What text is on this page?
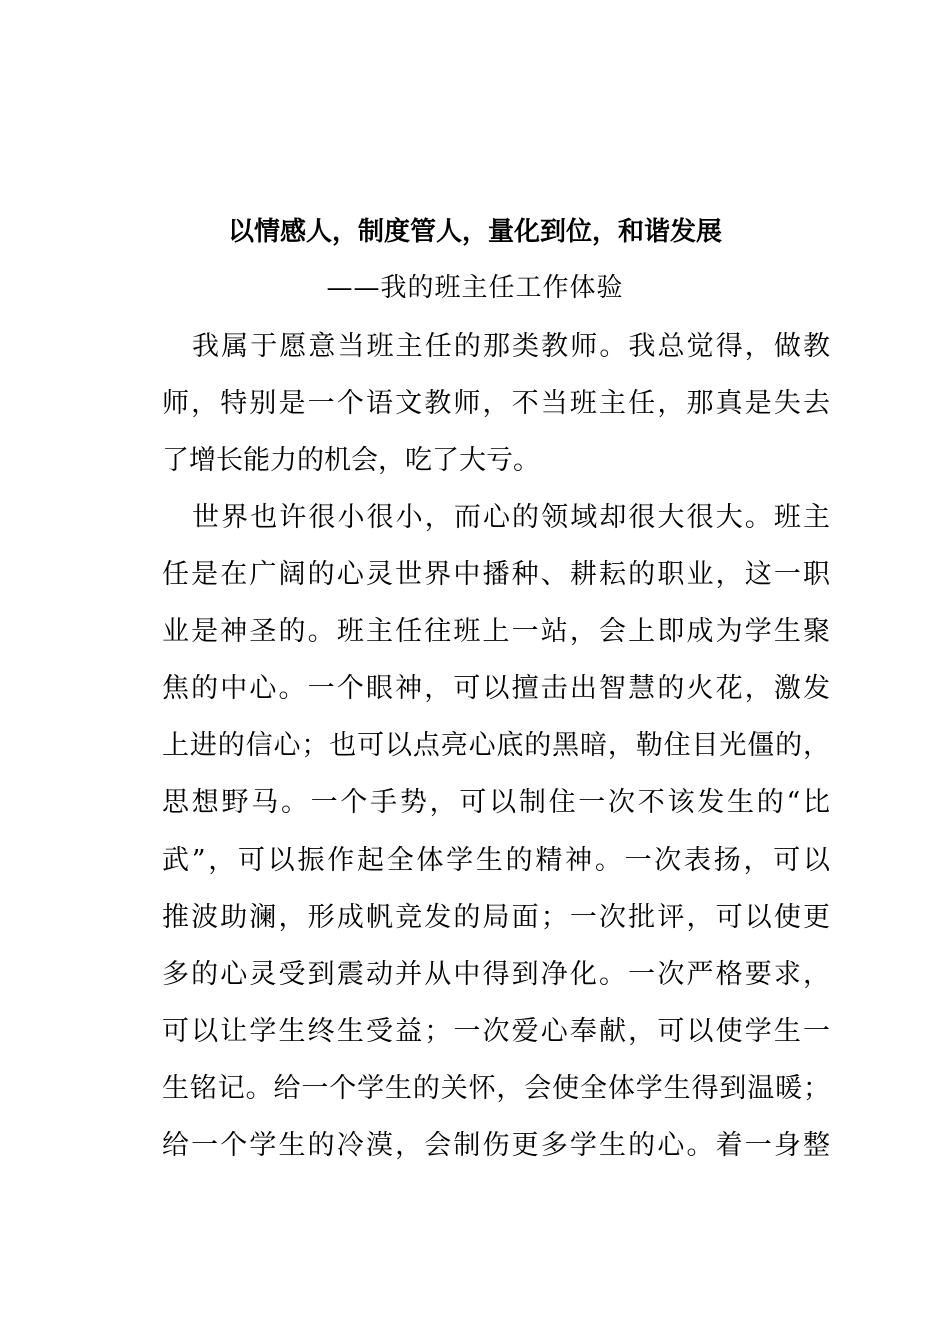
以情感人，制度管人，量化到位，和谐发展
——我的班主任工作体验
我属于愿意当班主任的那类教师。我总觉得，做教
师，特别是一个语文教师，不当班主任，那真是失去
了增长能力的机会，吃了大亏。
世界也许很小很小，而心的领域却很大很大。班主
任是在广阔的心灵世界中播种、耕耘的职业，这一职
业是神圣的。班主任往班上一站，会上即成为学生聚
焦的中心。一个眼神，可以擅击出智慧的火花，激发
上进的信心；也可以点亮心底的黑暗，勒住目光僵的，
思想野马。一个手势，可以制住一次不该发生的“比
武”，可以振作起全体学生的精神。一次表扬，可以
推波助澜，形成帆竞发的局面；一次批评，可以使更
多的心灵受到震动并从中得到净化。一次严格要求，
可以让学生终生受益；一次爱心奉献，可以使学生一
生铭记。给一个学生的关怀，会使全体学生得到温暖；
给一个学生的冷漠，会制伤更多学生的心。着一身整
